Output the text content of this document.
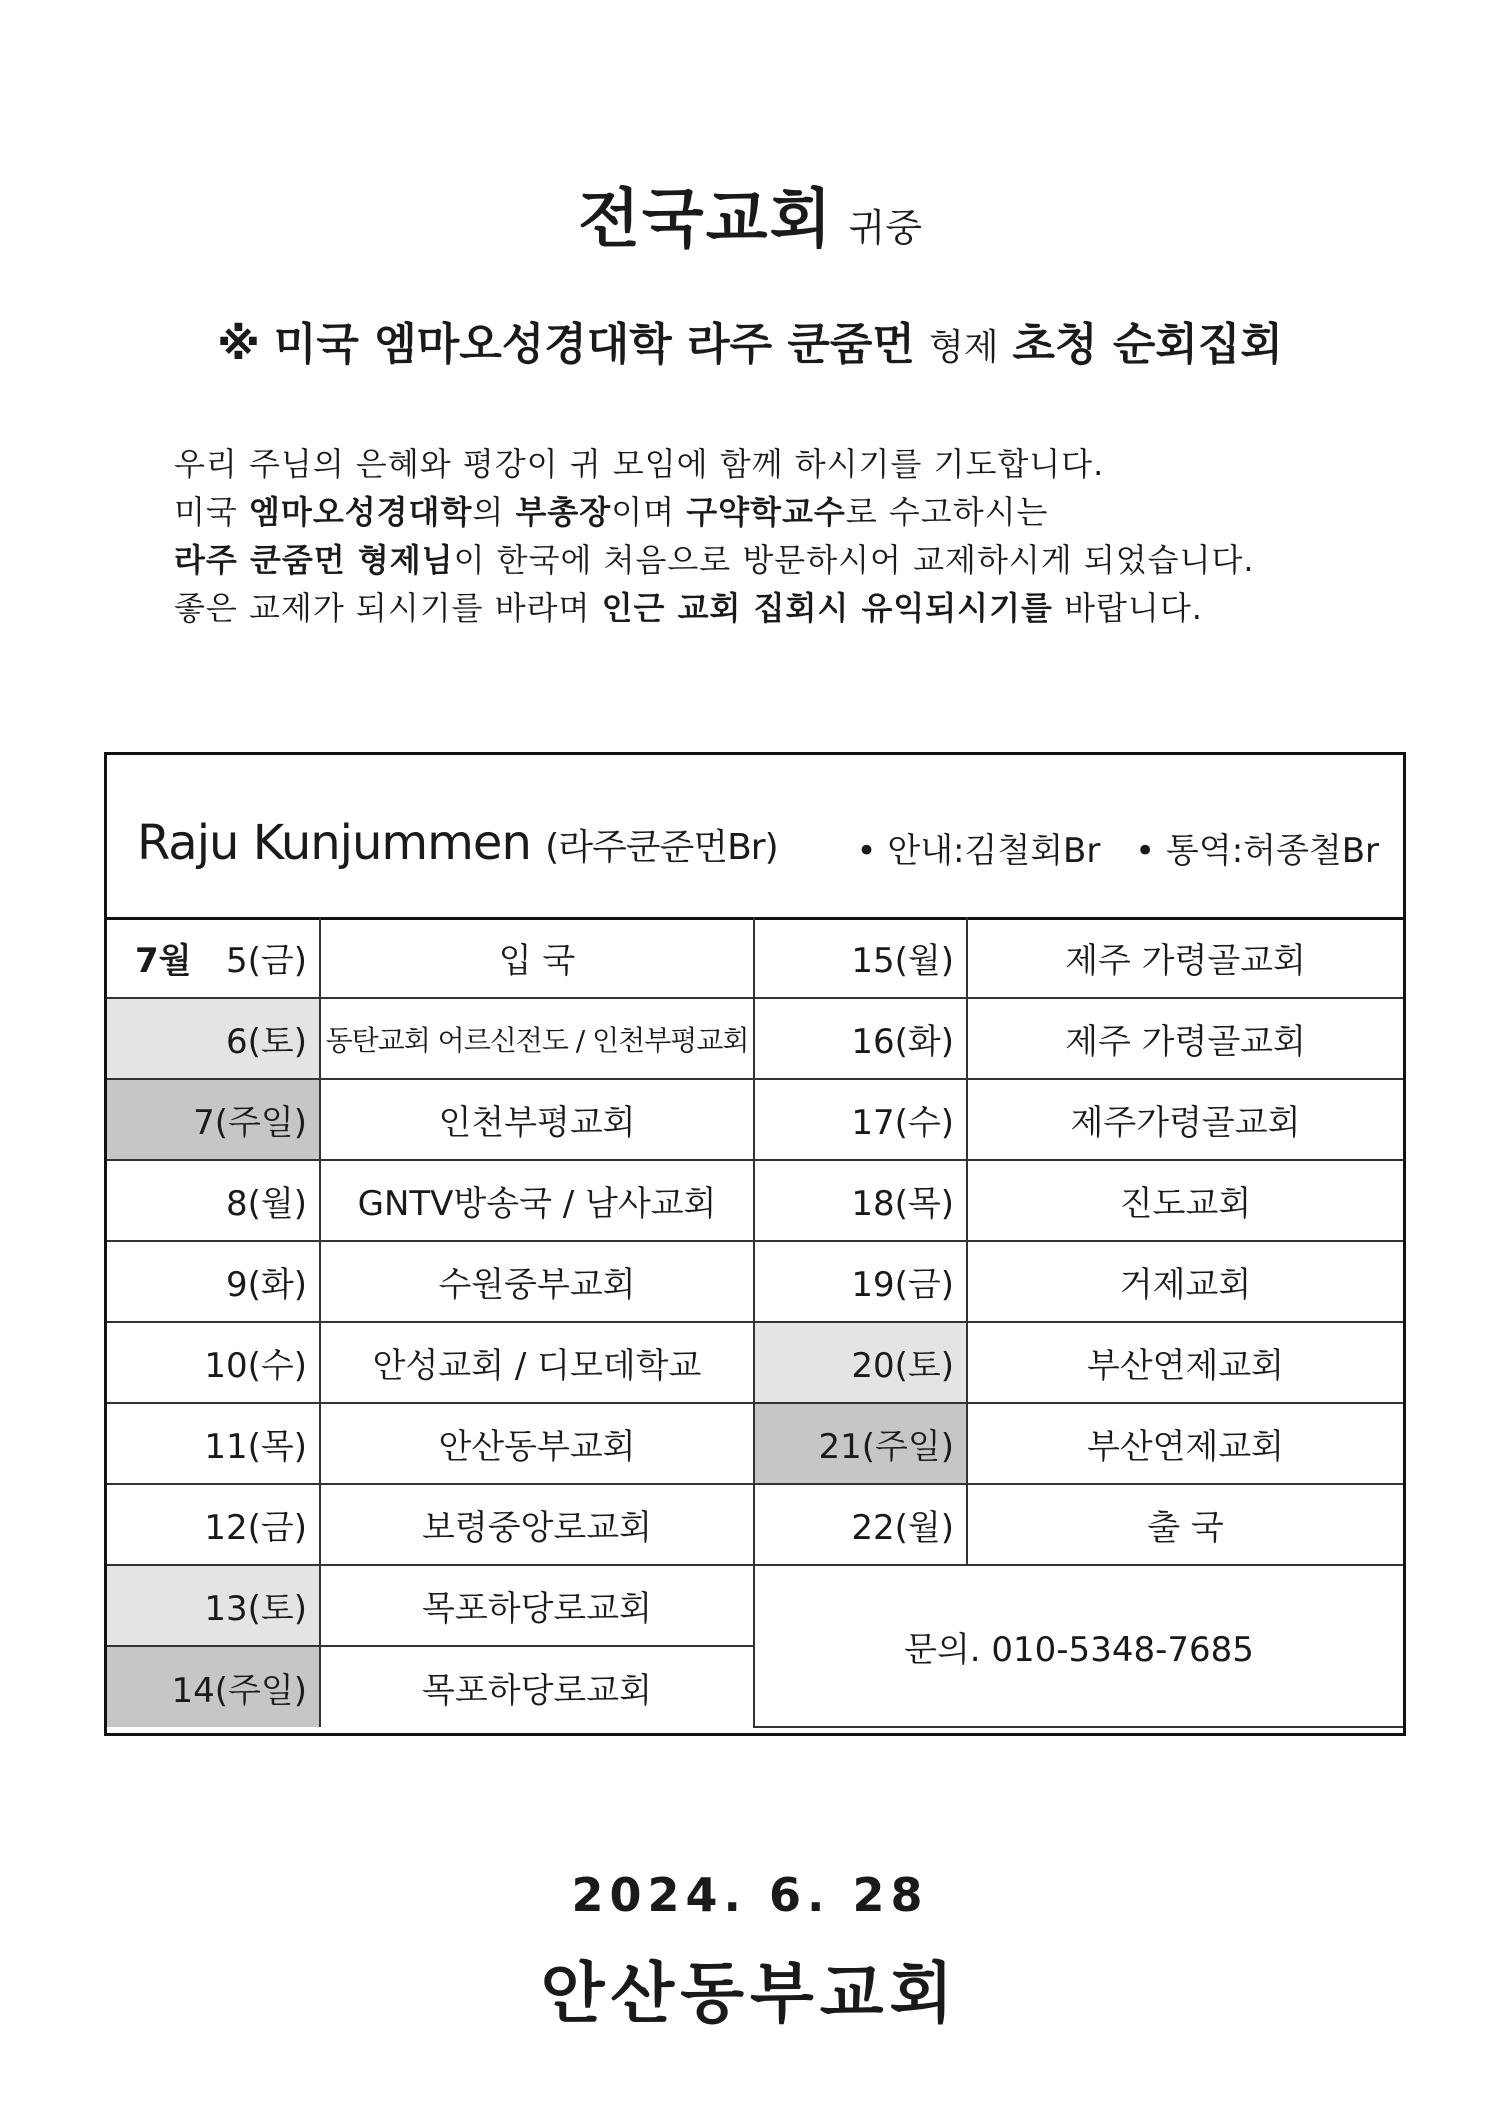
전국교회 귀중
※ 미국 엠마오성경대학 라주 쿤줌먼 형제 초청 순회집회

우리 주님의 은혜와 평강이 귀 모임에 함께 하시기를 기도합니다.

미국 엠마오성경대학의 부총장이며 구약학교수로 수고하시는

라주 쿤줌먼 형제님이 한국에 처음으로 방문하시어 교제하시게 되었습니다.

좋은 교제가 되시기를 바라며 인근 교회 집회시 유익되시기를 바랍니다.

Raju Kunjummen (라주쿤준먼Br)	• 안내:김철회Br • 통역:허종철Br
7월 5(금)	입 국	15(월)	제주 가령골교회
6(토)	동탄교회 어르신전도 / 인천부평교회	16(화)	제주 가령골교회
7(주일)	인천부평교회	17(수)	제주가령골교회
8(월)	GNTV방송국 / 남사교회	18(목)	진도교회
9(화)	수원중부교회	19(금)	거제교회
10(수)	안성교회 / 디모데학교	20(토)	부산연제교회
11(목)	안산동부교회	21(주일)	부산연제교회
12(금)	보령중앙로교회	22(월)	출 국
13(토)	목포하당로교회	문의. 010-5348-7685	
14(주일)	목포하당로교회		
2024. 6. 28
안산동부교회
